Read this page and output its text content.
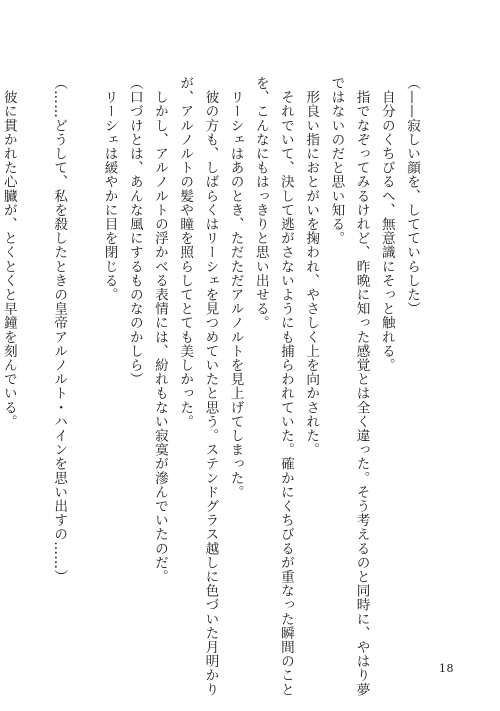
（——寂しい顔を、してていらした）
　自分のくちびるへ、無意識にそっと触れる。
　指でなぞってみるけれど、昨晩に知った感覚とは全く違った。そう考えるのと同時に、やはり夢
ではないのだと思い知る。
　形良い指におとがいを掬われ、やさしく上を向かされた。
　それでいて、決して逃がさないようにも捕らわれていた。確かにくちびるが重なった瞬間のこと
を、こんなにもはっきりと思い出せる。
　リーシェはあのとき、ただただアルノルトを見上げてしまった。
　彼の方も、しばらくはリーシェを見つめていたと思う。ステンドグラス越しに色づいた月明かり
が、アルノルトの髪や瞳を照らしてとても美しかった。
　しかし、アルノルトの浮かべる表情には、紛れもない寂寞が滲んでいたのだ。
（口づけとは、あんな風にするものなのかしら）
　リーシェは緩やかに目を閉じる。
（……どうして、私を殺したときの皇帝アルノルト・ハインを思い出すの……）
　彼に貫かれた心臓が、とくとくと早鐘を刻んでいる。
18
